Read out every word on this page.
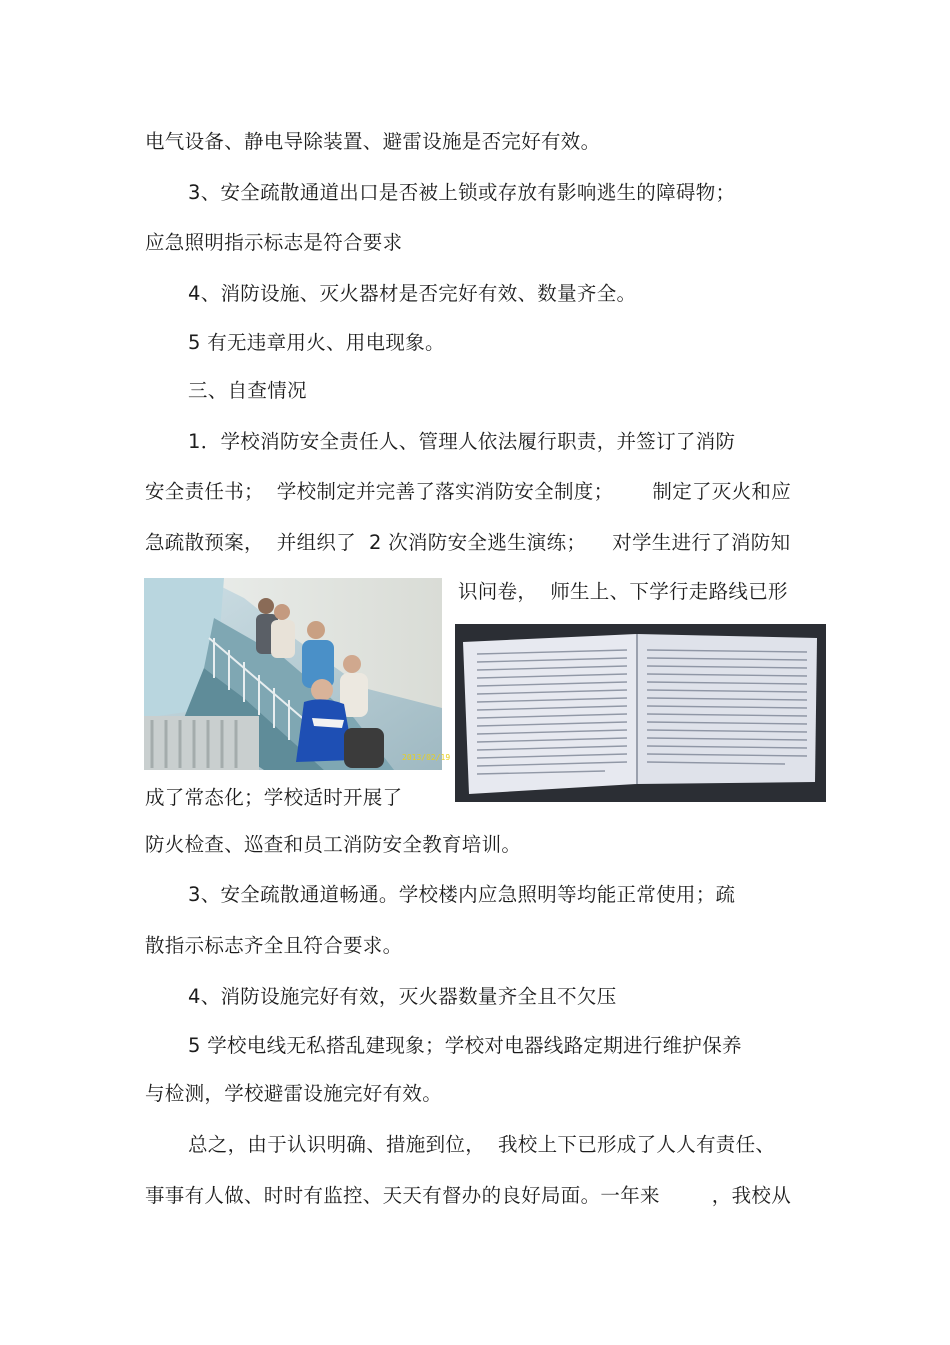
电气设备、静电导除装置、避雷设施是否完好有效。
3、安全疏散通道出口是否被上锁或存放有影响逃生的障碍物；
应急照明指示标志是符合要求
4、消防设施、灭火器材是否完好有效、数量齐全。
5 有无违章用火、用电现象。
三、自查情况
1．学校消防安全责任人、管理人依法履行职责，并签订了消防
安全责任书；  学校制定并完善了落实消防安全制度；      制定了灭火和应
急疏散预案，  并组织了  2 次消防安全逃生演练；    对学生进行了消防知
识问卷，  师生上、下学行走路线已形
2013/02/19
成了常态化；学校适时开展了
防火检查、巡查和员工消防安全教育培训。
3、安全疏散通道畅通。学校楼内应急照明等均能正常使用；疏
散指示标志齐全且符合要求。
4、消防设施完好有效，灭火器数量齐全且不欠压
5 学校电线无私搭乱建现象；学校对电器线路定期进行维护保养
与检测，学校避雷设施完好有效。
总之，由于认识明确、措施到位，  我校上下已形成了人人有责任、
事事有人做、时时有监控、天天有督办的良好局面。一年来        ，我校从
